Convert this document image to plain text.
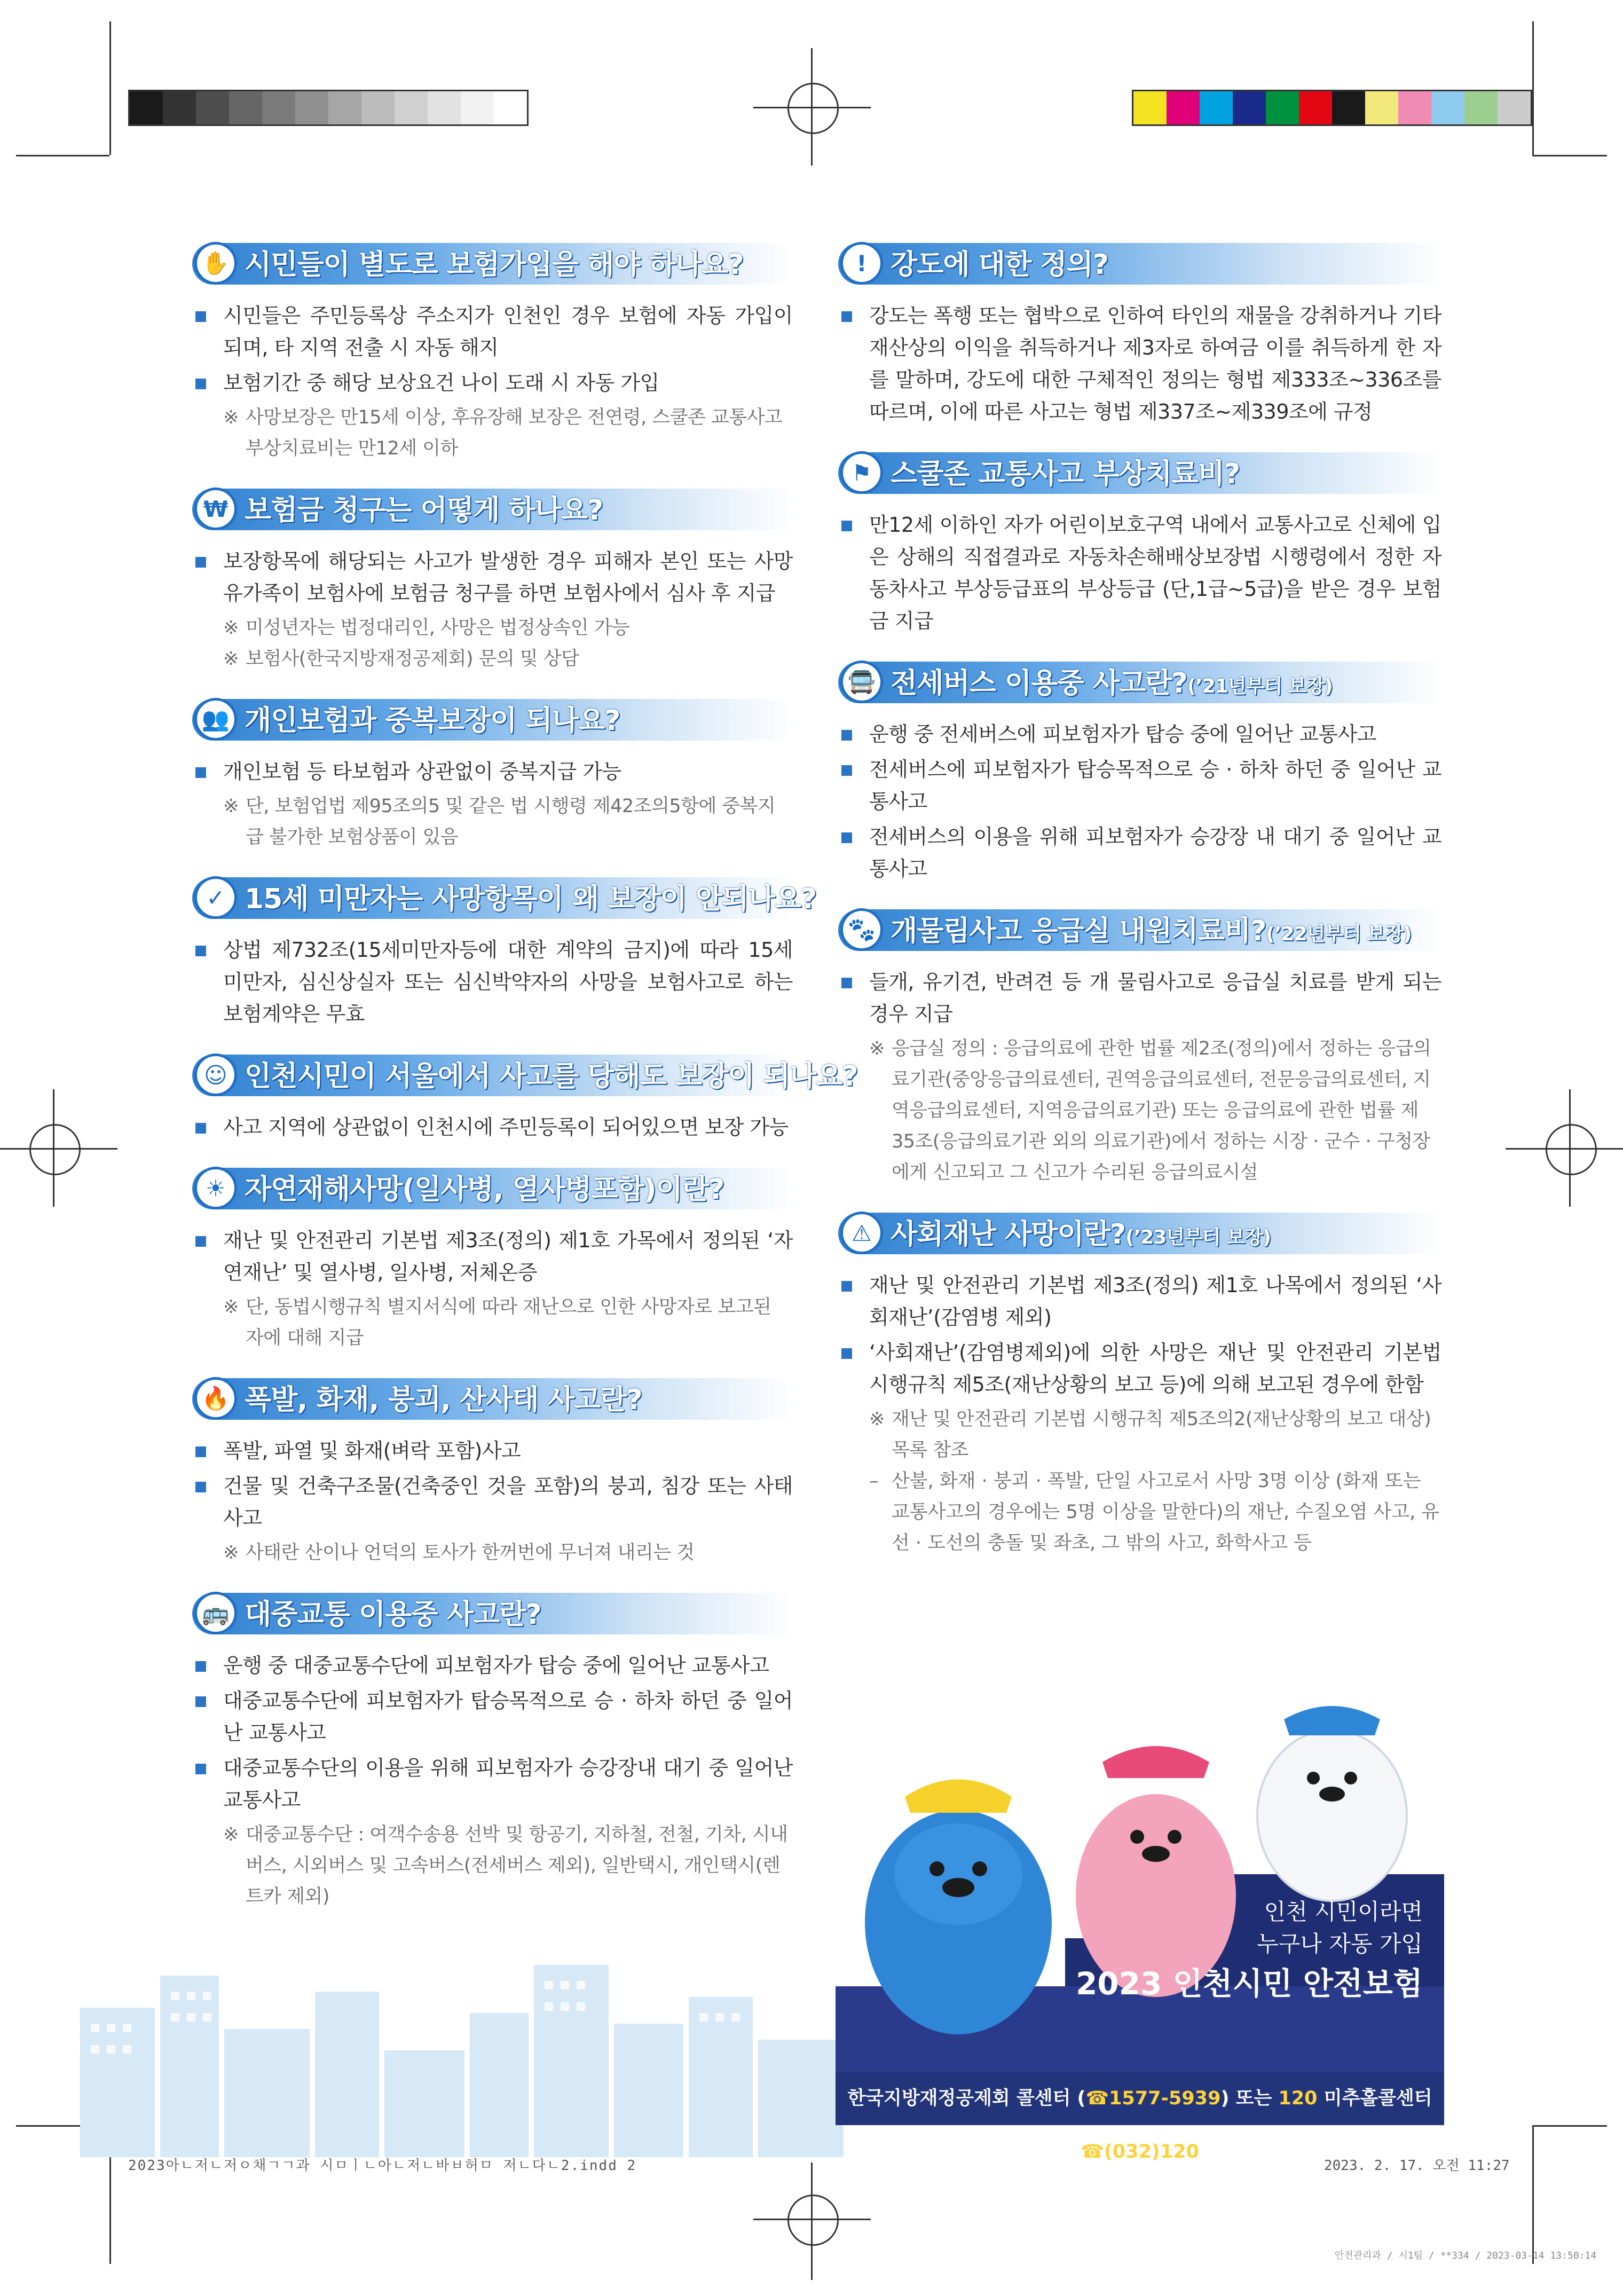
✋ 시민들이 별도로 보험가입을 해야 하나요?
시민들은 주민등록상 주소지가 인천인 경우 보험에 자동 가입이 되며, 타 지역 전출 시 자동 해지
보험기간 중 해당 보상요건 나이 도래 시 자동 가입
※ 사망보장은 만15세 이상, 후유장해 보장은 전연령, 스쿨존 교통사고 부상치료비는 만12세 이하
₩ 보험금 청구는 어떻게 하나요?
보장항목에 해당되는 사고가 발생한 경우 피해자 본인 또는 사망 유가족이 보험사에 보험금 청구를 하면 보험사에서 심사 후 지급
※ 미성년자는 법정대리인, 사망은 법정상속인 가능
※ 보험사(한국지방재정공제회) 문의 및 상담
👥 개인보험과 중복보장이 되나요?
개인보험 등 타보험과 상관없이 중복지급 가능
※ 단, 보험업법 제95조의5 및 같은 법 시행령 제42조의5항에 중복지급 불가한 보험상품이 있음
✓ 15세 미만자는 사망항목이 왜 보장이 안되나요?
상법 제732조(15세미만자등에 대한 계약의 금지)에 따라 15세 미만자, 심신상실자 또는 심신박약자의 사망을 보험사고로 하는 보험계약은 무효
☺ 인천시민이 서울에서 사고를 당해도 보장이 되나요?
사고 지역에 상관없이 인천시에 주민등록이 되어있으면 보장 가능
☀ 자연재해사망(일사병, 열사병포함)이란?
재난 및 안전관리 기본법 제3조(정의) 제1호 가목에서 정의된 ‘자연재난’ 및 열사병, 일사병, 저체온증
※ 단, 동법시행규칙 별지서식에 따라 재난으로 인한 사망자로 보고된 자에 대해 지급
🔥 폭발, 화재, 붕괴, 산사태 사고란?
폭발, 파열 및 화재(벼락 포함)사고
건물 및 건축구조물(건축중인 것을 포함)의 붕괴, 침강 또는 사태사고
※ 사태란 산이나 언덕의 토사가 한꺼번에 무너져 내리는 것
🚌 대중교통 이용중 사고란?
운행 중 대중교통수단에 피보험자가 탑승 중에 일어난 교통사고
대중교통수단에 피보험자가 탑승목적으로 승 · 하차 하던 중 일어난 교통사고
대중교통수단의 이용을 위해 피보험자가 승강장내 대기 중 일어난 교통사고
※ 대중교통수단 : 여객수송용 선박 및 항공기, 지하철, 전철, 기차, 시내버스, 시외버스 및 고속버스(전세버스 제외), 일반택시, 개인택시(렌트카 제외)
! 강도에 대한 정의?
강도는 폭행 또는 협박으로 인하여 타인의 재물을 강취하거나 기타 재산상의 이익을 취득하거나 제3자로 하여금 이를 취득하게 한 자를 말하며, 강도에 대한 구체적인 정의는 형법 제333조~336조를 따르며, 이에 따른 사고는 형법 제337조~제339조에 규정
⚑ 스쿨존 교통사고 부상치료비?
만12세 이하인 자가 어린이보호구역 내에서 교통사고로 신체에 입은 상해의 직접결과로 자동차손해배상보장법 시행령에서 정한 자동차사고 부상등급표의 부상등급 (단,1급~5급)을 받은 경우 보험금 지급
🚍 전세버스 이용중 사고란?(’21년부터 보장)
운행 중 전세버스에 피보험자가 탑승 중에 일어난 교통사고
전세버스에 피보험자가 탑승목적으로 승 · 하차 하던 중 일어난 교통사고
전세버스의 이용을 위해 피보험자가 승강장 내 대기 중 일어난 교통사고
🐾 개물림사고 응급실 내원치료비?(’22년부터 보장)
들개, 유기견, 반려견 등 개 물림사고로 응급실 치료를 받게 되는 경우 지급
※ 응급실 정의 : 응급의료에 관한 법률 제2조(정의)에서 정하는 응급의료기관(중앙응급의료센터, 권역응급의료센터, 전문응급의료센터, 지역응급의료센터, 지역응급의료기관) 또는 응급의료에 관한 법률 제35조(응급의료기관 외의 의료기관)에서 정하는 시장 · 군수 · 구청장에게 신고되고 그 신고가 수리된 응급의료시설
⚠ 사회재난 사망이란?(’23년부터 보장)
재난 및 안전관리 기본법 제3조(정의) 제1호 나목에서 정의된 ‘사회재난’(감염병 제외)
‘사회재난’(감염병제외)에 의한 사망은 재난 및 안전관리 기본법 시행규칙 제5조(재난상황의 보고 등)에 의해 보고된 경우에 한함
※ 재난 및 안전관리 기본법 시행규칙 제5조의2(재난상황의 보고 대상) 목록 참조
– 산불, 화재 · 붕괴 · 폭발, 단일 사고로서 사망 3명 이상 (화재 또는 교통사고의 경우에는 5명 이상을 말한다)의 재난, 수질오염 사고, 유선 · 도선의 충돌 및 좌초, 그 밖의 사고, 화학사고 등
인천 시민이라면
누구나 자동 가입
2023 인천시민 안전보험
한국지방재정공제회 콜센터 (☎1577-5939) 또는 120 미추홀콜센터 ☎(032)120
2023아ㄴ저ㄴ저ㅇ채ㄱㄱ과 시ㅁㅣㄴ아ㄴ저ㄴ바ㅂ허ㅁ 저ㄴ다ㄴ2.indd 2	2023. 2. 17. 오전 11:27
안전관리과 / 시1팀 / **334 / 2023-03-14 13:50:14
